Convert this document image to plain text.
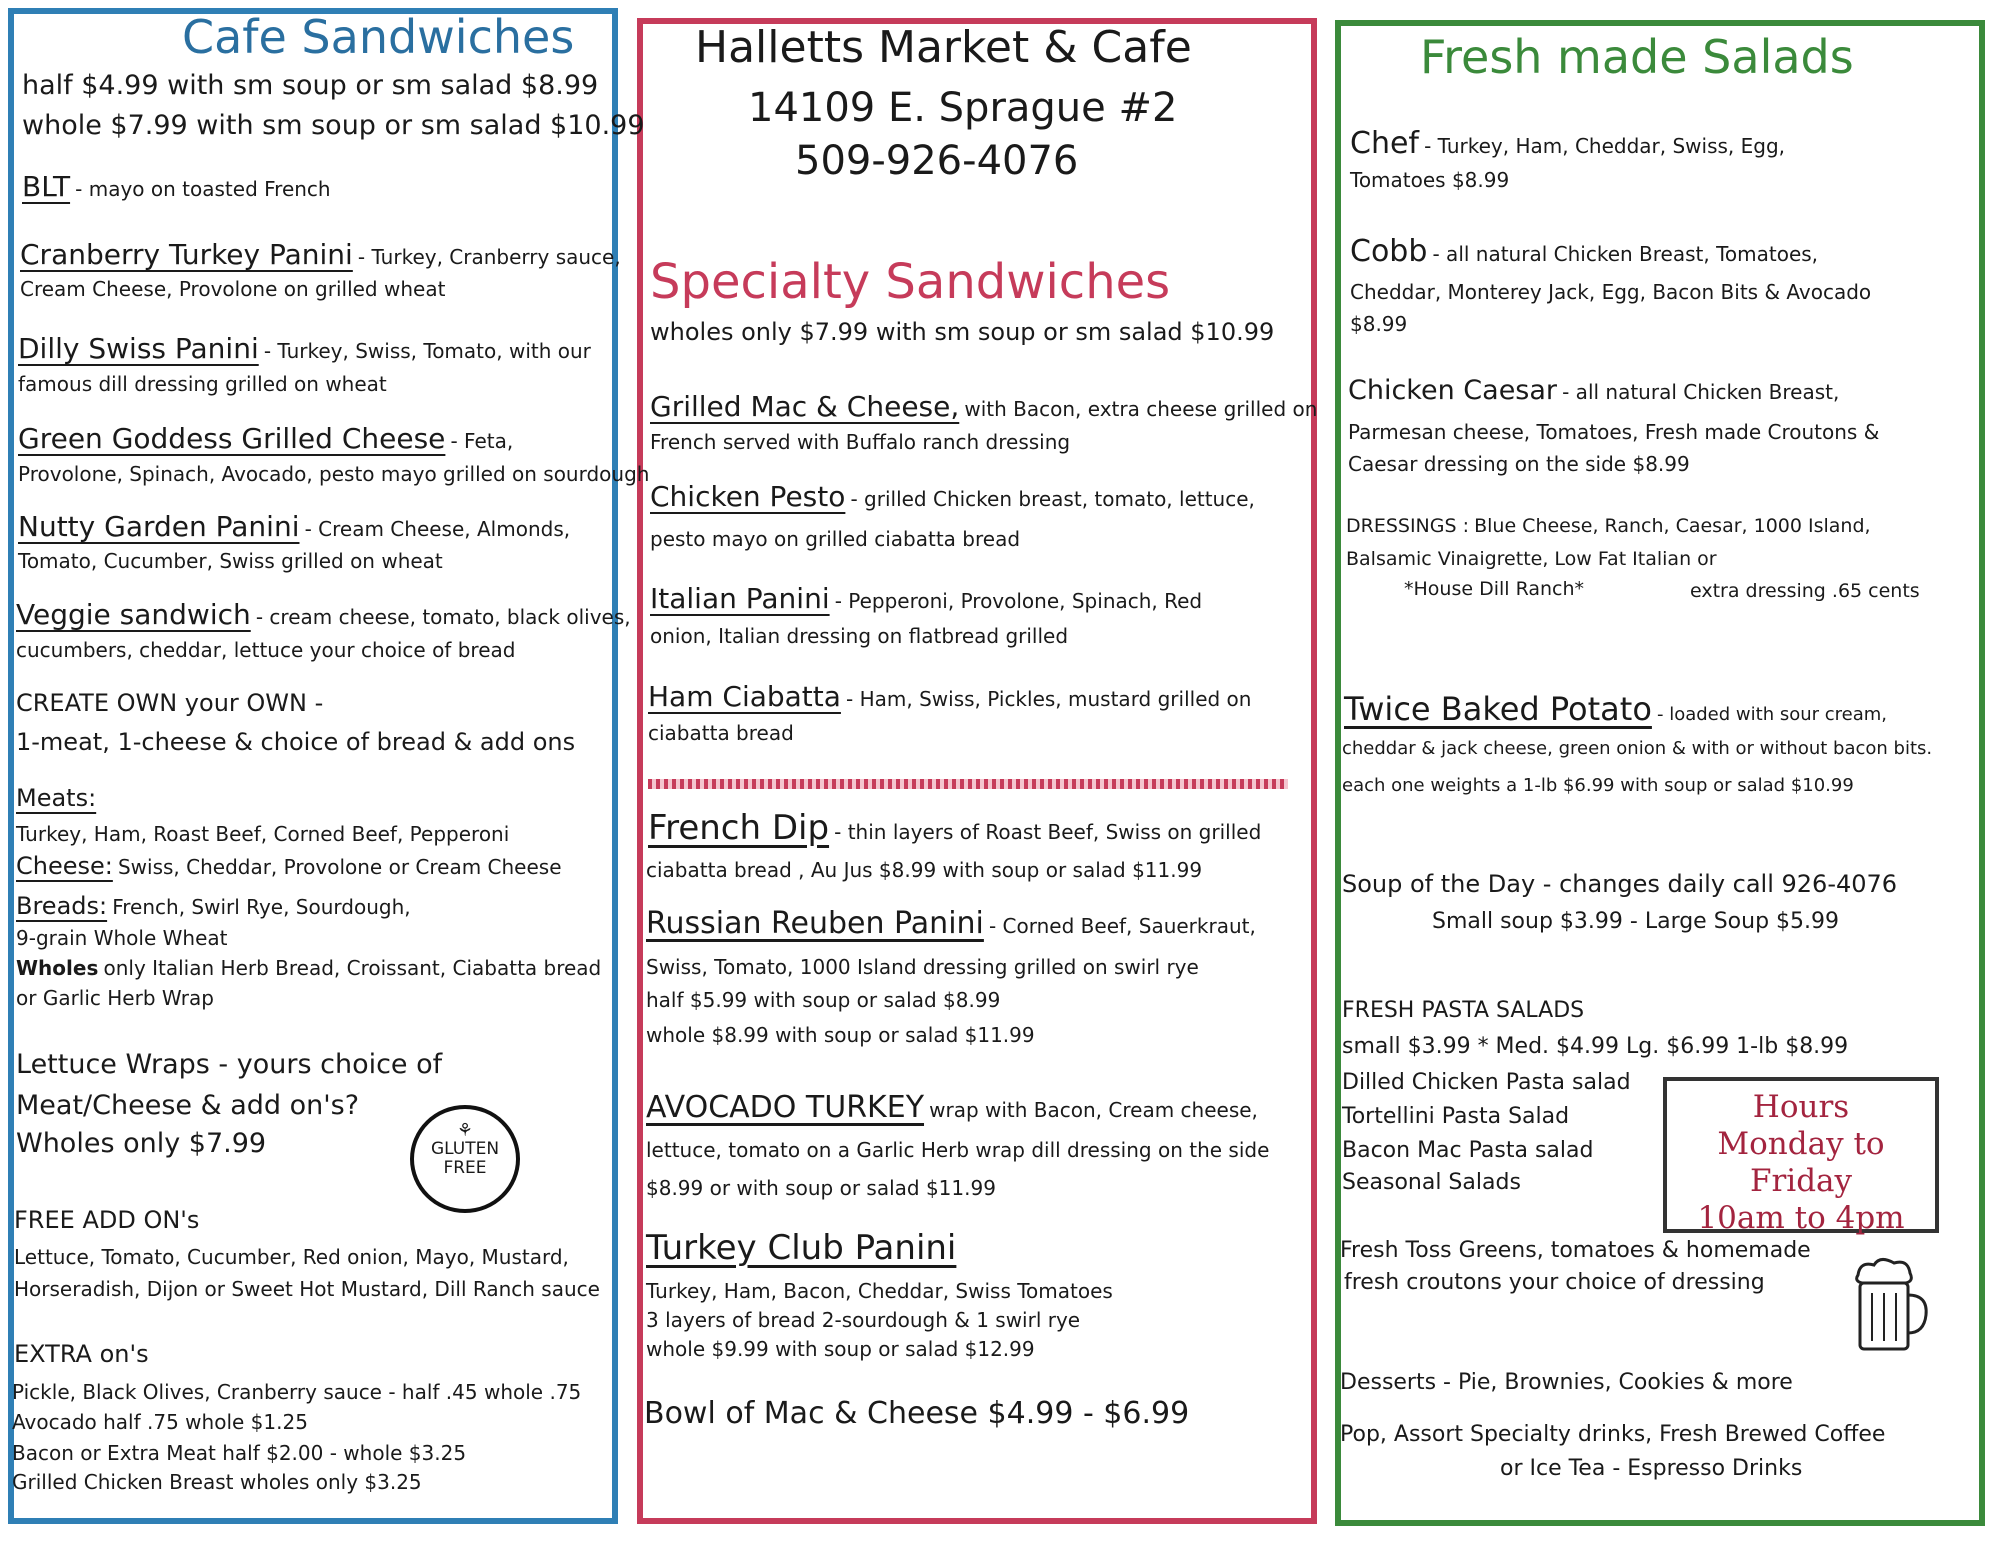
Cafe Sandwiches
half $4.99 with sm soup or sm salad $8.99
whole $7.99 with sm soup or sm salad $10.99
BLT - mayo on toasted French
Cranberry Turkey Panini - Turkey, Cranberry sauce,
Cream Cheese, Provolone on grilled wheat
Dilly Swiss Panini - Turkey, Swiss, Tomato, with our
famous dill dressing grilled on wheat
Green Goddess Grilled Cheese - Feta,
Provolone, Spinach, Avocado, pesto mayo grilled on sourdough
Nutty Garden Panini - Cream Cheese, Almonds,
Tomato, Cucumber, Swiss grilled on wheat
Veggie sandwich - cream cheese, tomato, black olives,
cucumbers, cheddar, lettuce your choice of bread
CREATE OWN your OWN -
1-meat, 1-cheese & choice of bread & add ons
Meats:
Turkey, Ham, Roast Beef, Corned Beef, Pepperoni
Cheese: Swiss, Cheddar, Provolone or Cream Cheese
Breads: French, Swirl Rye, Sourdough,
9-grain Whole Wheat
Wholes only Italian Herb Bread, Croissant, Ciabatta bread
or Garlic Herb Wrap
Lettuce Wraps - yours choice of
Meat/Cheese & add on's?
Wholes only $7.99	⚘
GLUTEN
FREE
FREE ADD ON's
Lettuce, Tomato, Cucumber, Red onion, Mayo, Mustard,
Horseradish, Dijon or Sweet Hot Mustard, Dill Ranch sauce
EXTRA on's
Pickle, Black Olives, Cranberry sauce - half .45 whole .75
Avocado half .75 whole $1.25
Bacon or Extra Meat half $2.00 - whole $3.25
Grilled Chicken Breast wholes only $3.25
Halletts Market & Cafe
14109 E. Sprague #2
509-926-4076
Specialty Sandwiches
wholes only $7.99 with sm soup or sm salad $10.99
Grilled Mac & Cheese, with Bacon, extra cheese grilled on
French served with Buffalo ranch dressing
Chicken Pesto - grilled Chicken breast, tomato, lettuce,
pesto mayo on grilled ciabatta bread
Italian Panini - Pepperoni, Provolone, Spinach, Red
onion, Italian dressing on flatbread grilled
Ham Ciabatta - Ham, Swiss, Pickles, mustard grilled on
ciabatta bread
French Dip - thin layers of Roast Beef, Swiss on grilled
ciabatta bread , Au Jus $8.99 with soup or salad $11.99
Russian Reuben Panini - Corned Beef, Sauerkraut,
Swiss, Tomato, 1000 Island dressing grilled on swirl rye
half $5.99 with soup or salad $8.99
whole $8.99 with soup or salad $11.99
AVOCADO TURKEY wrap with Bacon, Cream cheese,
lettuce, tomato on a Garlic Herb wrap dill dressing on the side
$8.99 or with soup or salad $11.99
Turkey Club Panini
Turkey, Ham, Bacon, Cheddar, Swiss Tomatoes
3 layers of bread 2-sourdough & 1 swirl rye
whole $9.99 with soup or salad $12.99
Bowl of Mac & Cheese $4.99 - $6.99
Fresh made Salads
Chef - Turkey, Ham, Cheddar, Swiss, Egg,
Tomatoes $8.99
Cobb - all natural Chicken Breast, Tomatoes,
Cheddar, Monterey Jack, Egg, Bacon Bits & Avocado
$8.99
Chicken Caesar - all natural Chicken Breast,
Parmesan cheese, Tomatoes, Fresh made Croutons &
Caesar dressing on the side $8.99
DRESSINGS : Blue Cheese, Ranch, Caesar, 1000 Island,
Balsamic Vinaigrette, Low Fat Italian or
*House Dill Ranch*	extra dressing .65 cents
Twice Baked Potato - loaded with sour cream,
cheddar & jack cheese, green onion & with or without bacon bits.
each one weights a 1-lb $6.99 with soup or salad $10.99
Soup of the Day - changes daily call 926-4076
Small soup $3.99 - Large Soup $5.99
FRESH PASTA SALADS
small $3.99 * Med. $4.99 Lg. $6.99 1-lb $8.99
Dilled Chicken Pasta salad
Tortellini Pasta Salad
Bacon Mac Pasta salad
Seasonal Salads
Hours
Monday to Friday
10am to 4pm
Fresh Toss Greens, tomatoes & homemade
fresh croutons your choice of dressing
Desserts - Pie, Brownies, Cookies & more
Pop, Assort Specialty drinks, Fresh Brewed Coffee
or Ice Tea - Espresso Drinks
